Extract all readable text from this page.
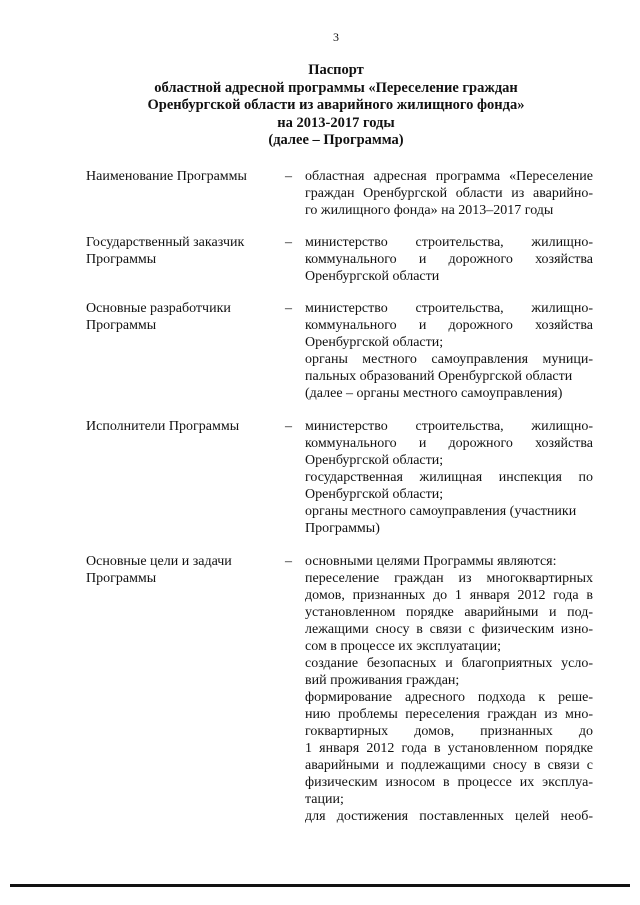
3
Паспорт
областной адресной программы «Переселение граждан
Оренбургской области из аварийного жилищного фонда»
на 2013-2017 годы
(далее – Программа)
Наименование Программы	– областная адресная программа «Переселение
граждан Оренбургской области из аварийно-
го жилищного фонда» на 2013–2017 годы
Государственный заказчик
Программы
– министерство строительства, жилищно-
коммунального и дорожного хозяйства
Оренбургской области
Основные разработчики
Программы
– министерство строительства, жилищно-
коммунального и дорожного хозяйства
Оренбургской области;
органы местного самоуправления муници-
пальных образований Оренбургской области
(далее – органы местного самоуправления)
Исполнители Программы	– министерство строительства, жилищно-
коммунального и дорожного хозяйства
Оренбургской области;
государственная жилищная инспекция по
Оренбургской области;
органы местного самоуправления (участники
Программы)
Основные цели и задачи
Программы
– основными целями Программы являются:
переселение граждан из многоквартирных
домов, признанных до 1 января 2012 года в
установленном порядке аварийными и под-
лежащими сносу в связи с физическим изно-
сом в процессе их эксплуатации;
создание безопасных и благоприятных усло-
вий проживания граждан;
формирование адресного подхода к реше-
нию проблемы переселения граждан из мно-
гоквартирных домов, признанных до
1 января 2012 года в установленном порядке
аварийными и подлежащими сносу в связи с
физическим износом в процессе их эксплуа-
тации;
для достижения поставленных целей необ-
